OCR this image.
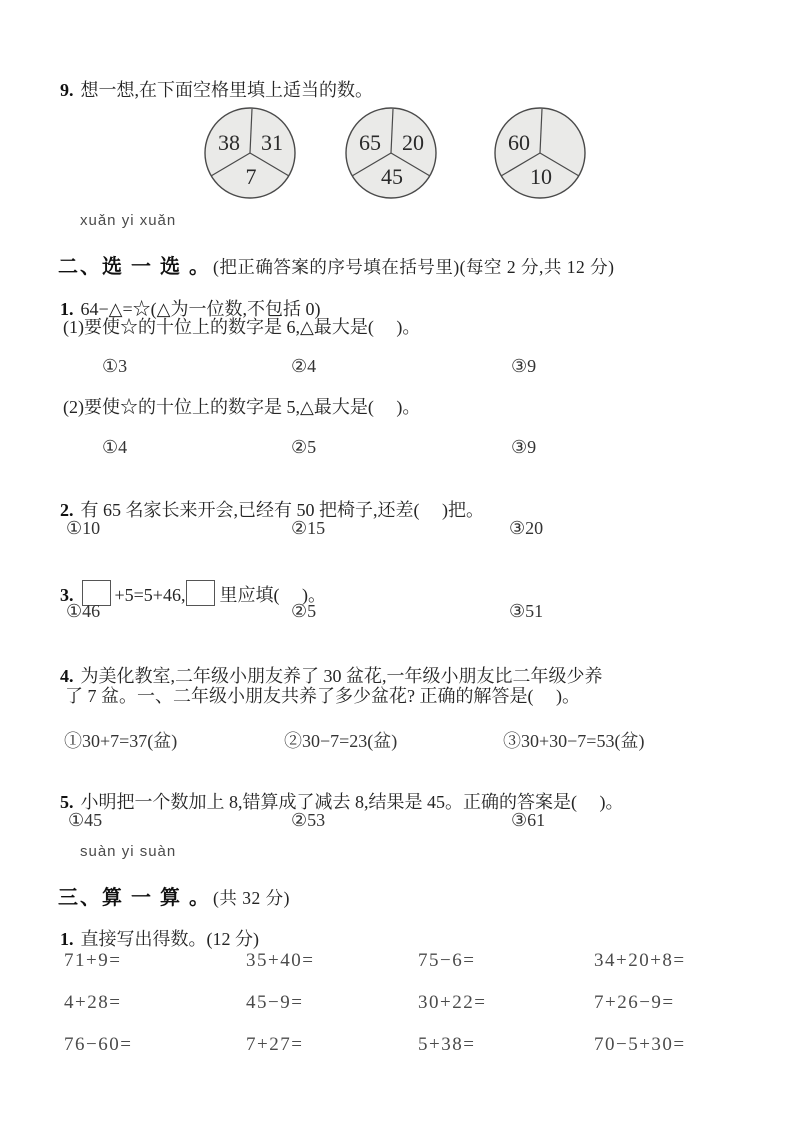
9. 想一想,在下面空格里填上适当的数。

38 31
7
65 20
45
60
10
xuǎn yi xuǎn

二、选 一 选 。 (把正确答案的序号填在括号里)(每空 2 分,共 12 分)

1. 64−△=☆(△为一位数,不包括 0)

(1)要使☆的十位上的数字是 6,△最大是(     )。
①3	②4	③9
(2)要使☆的十位上的数字是 5,△最大是(     )。
①4	②5	③9

2. 有 65 名家长来开会,已经有 50 把椅子,还差(     )把。

①10	②15	③20

3. +5=5+46, 里应填(     )。

①46	②5	③51

4. 为美化教室,二年级小朋友养了 30 盆花,一年级小朋友比二年级少养

了 7 盆。一、二年级小朋友共养了多少盆花? 正确的解答是(     )。
①30+7=37(盆)	②30−7=23(盆)	③30+30−7=53(盆)

5. 小明把一个数加上 8,错算成了减去 8,结果是 45。正确的答案是(     )。

①45	②53	③61
suàn yi suàn

三、算 一 算 。 (共 32 分)

1. 直接写出得数。(12 分)

71+9=	35+40=	75−6=	34+20+8=
4+28=	45−9=	30+22=	7+26−9=
76−60=	7+27=	5+38=	70−5+30=
